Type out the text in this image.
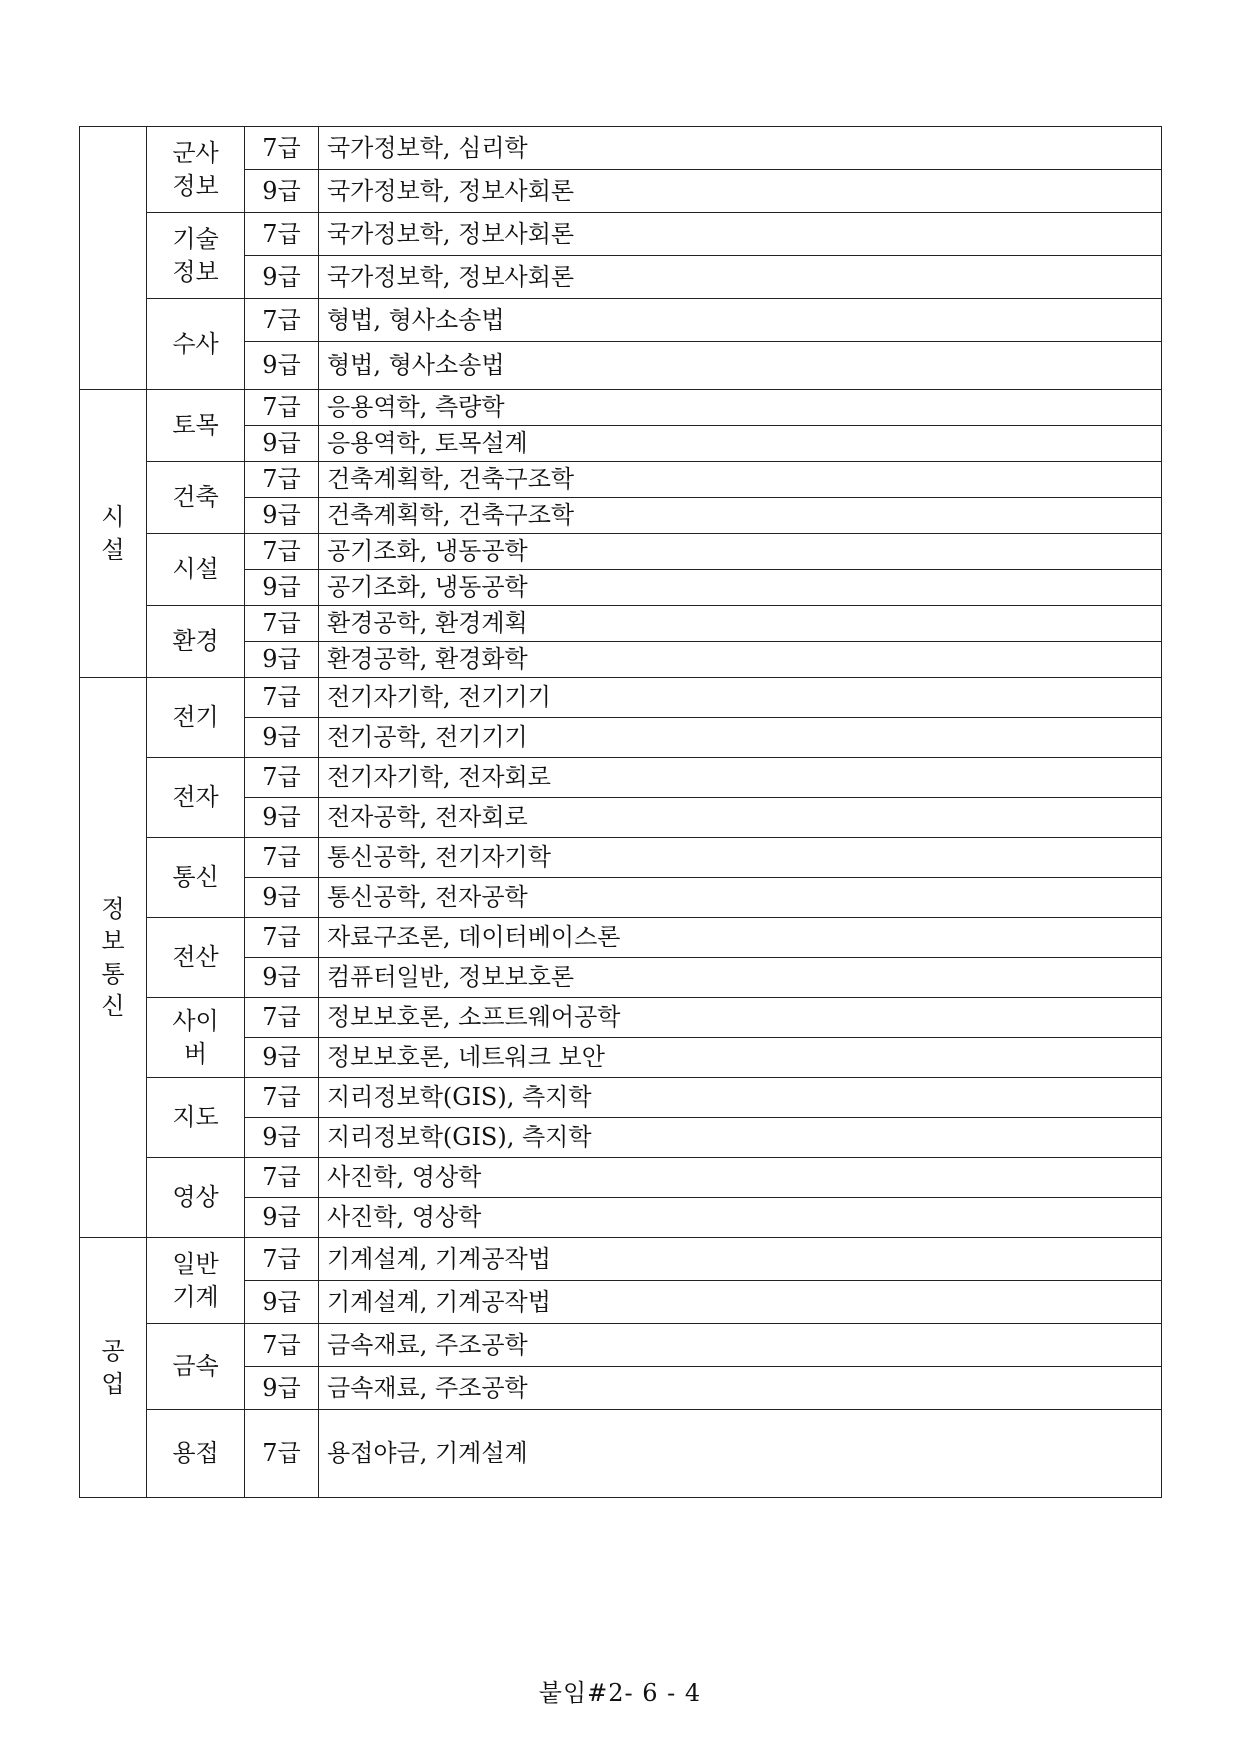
	군사정보	7급	국가정보학, 심리학
		9급	국가정보학, 정보사회론
	기술정보	7급	국가정보학, 정보사회론
		9급	국가정보학, 정보사회론
	수사	7급	형법, 형사소송법
		9급	형법, 형사소송법
시설	토목	7급	응용역학, 측량학
		9급	응용역학, 토목설계
	건축	7급	건축계획학, 건축구조학
		9급	건축계획학, 건축구조학
	시설	7급	공기조화, 냉동공학
		9급	공기조화, 냉동공학
	환경	7급	환경공학, 환경계획
		9급	환경공학, 환경화학
정보통신	전기	7급	전기자기학, 전기기기
		9급	전기공학, 전기기기
	전자	7급	전기자기학, 전자회로
		9급	전자공학, 전자회로
	통신	7급	통신공학, 전기자기학
		9급	통신공학, 전자공학
	전산	7급	자료구조론, 데이터베이스론
		9급	컴퓨터일반, 정보보호론
	사이버	7급	정보보호론, 소프트웨어공학
		9급	정보보호론, 네트워크 보안
	지도	7급	지리정보학(GIS), 측지학
		9급	지리정보학(GIS), 측지학
	영상	7급	사진학, 영상학
		9급	사진학, 영상학
공업	일반기계	7급	기계설계, 기계공작법
		9급	기계설계, 기계공작법
	금속	7급	금속재료, 주조공학
		9급	금속재료, 주조공학
	용접	7급	용접야금, 기계설계
붙임#2- 6 - 4
